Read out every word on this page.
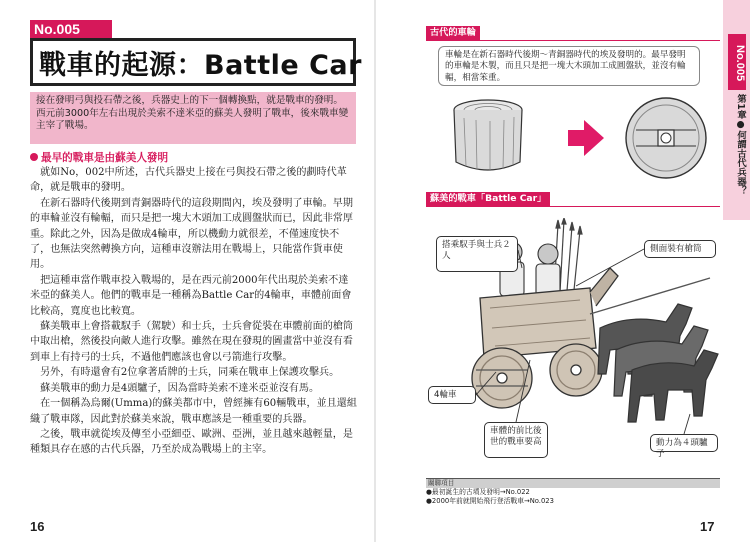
No.005
戰車的起源：Battle Car
接在發明弓與投石帶之後，兵器史上的下一個轉換點，就是戰車的發明。西元前3000年左右出現於美索不達米亞的蘇美人發明了戰車，後來戰車變主宰了戰場。
最早的戰車是由蘇美人發明

就如No，002中所述，古代兵器史上接在弓與投石帶之後的劃時代革命，就是戰車的發明。

在新石器時代後期到青銅器時代的這段期間內，埃及發明了車輪。早期的車輪並沒有輪輻，而只是把一塊大木頭加工成圓盤狀而已，因此非常厚重。除此之外，因為是做成4輪車，所以機動力就很差，不僅速度快不了，也無法突然轉換方向，這種車沒辦法用在戰場上，只能當作貨車使用。

把這種車當作戰車投入戰場的，是在西元前2000年代出現於美索不達米亞的蘇美人。他們的戰車是一種稱為Battle Car的4輪車，車體前面會比較高，寬度也比較寬。

蘇美戰車上會搭載馭手（駕駛）和士兵，士兵會從裝在車體前面的槍筒中取出槍，然後投向敵人進行攻擊。雖然在現在發現的圖畫當中並沒有看到車上有持弓的士兵，不過他們應該也會以弓箭進行攻擊。

另外，有時還會有2位拿著盾牌的士兵，同乘在戰車上保護攻擊兵。

蘇美戰車的動力是4頭驢子，因為當時美索不達米亞並沒有馬。

在一個稱為烏爾(Umma)的蘇美都市中，曾經擁有60輛戰車，並且還組織了戰車隊，因此對於蘇美來說，戰車應該是一種重要的兵器。

之後，戰車就從埃及傳至小亞細亞、歐洲、亞洲，並且越來越輕量，是種類具存在感的古代兵器，乃至於成為戰場上的主宰。

16
No.005
第1章●何謂古代兵器？
古代的車輪
車輪是在新石器時代後期〜青銅器時代的埃及發明的。最早發明的車輪是木製，而且只是把一塊大木頭加工成圓盤狀，並沒有輪輻，相當笨重。
蘇美的戰車「Battle Car」
搭乘馭手與士兵２人
側面裝有槍筒
4輪車
車體的前比後世的戰車要高	動力為４頭驢子
關聯項目
●最初誕生的古墳及發明→No.022
●2000年前就開始飛行登活戰車→No.023
17
